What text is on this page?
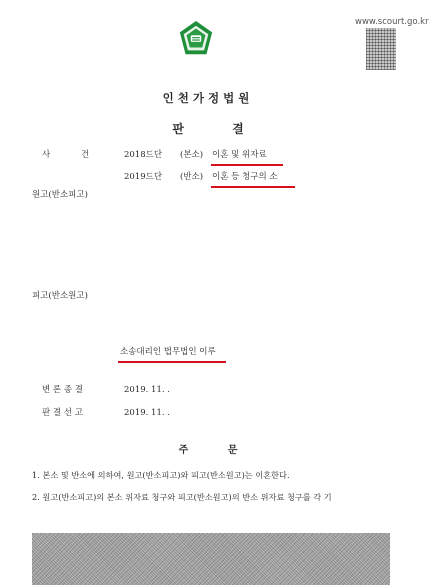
www.scourt.go.kr
인천가정법원
판 결
사 건 2018드단 (본소) 이혼 및 위자료
2019드단 (반소) 이혼 등 청구의 소
원고(반소피고)
피고(반소원고)
소송대리인 법무법인 이루
변 론 종 결	2019. 11. .
판 결 선 고	2019. 11. .
주 문
1. 본소 및 반소에 의하여, 원고(반소피고)와 피고(반소원고)는 이혼한다.
2. 원고(반소피고)의 본소 위자료 청구와 피고(반소원고)의 반소 위자료 청구를 각 기
